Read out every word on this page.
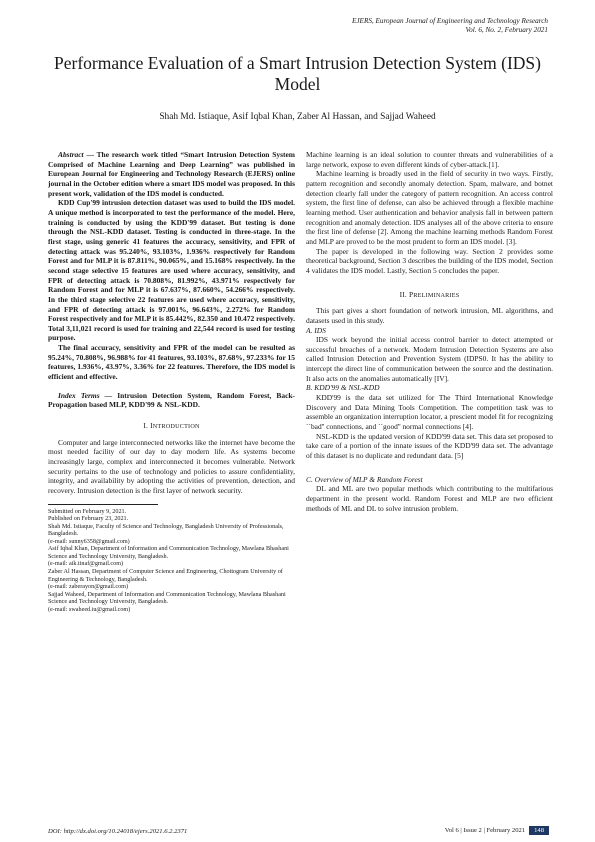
EJERS, European Journal of Engineering and Technology Research
Vol. 6, No. 2, February 2021
Performance Evaluation of a Smart Intrusion Detection System (IDS) Model
Shah Md. Istiaque, Asif Iqbal Khan, Zaber Al Hassan, and Sajjad Waheed

Abstract — The research work titled “Smart Intrusion Detection System Comprised of Machine Learning and Deep Learning” was published in European Journal for Engineering and Technology Research (EJERS) online journal in the October edition where a smart IDS model was proposed. In this present work, validation of the IDS model is conducted.

KDD Cup'99 intrusion detection dataset was used to build the IDS model. A unique method is incorporated to test the performance of the model. Here, training is conducted by using the KDD'99 dataset. But testing is done through the NSL-KDD dataset. Testing is conducted in three-stage. In the first stage, using generic 41 features the accuracy, sensitivity, and FPR of detecting attack was 95.240%, 93.103%, 1.936% respectively for Random Forest and for MLP it is 87.811%, 90.065%, and 15.168% respectively. In the second stage selective 15 features are used where accuracy, sensitivity, and FPR of detecting attack is 70.808%, 81.992%, 43.971% respectively for Random Forest and for MLP it is 67.637%, 87.660%, 54.266% respectively. In the third stage selective 22 features are used where accuracy, sensitivity, and FPR of detecting attack is 97.001%, 96.643%, 2.272% for Random Forest respectively and for MLP it is 85.442%, 82.350 and 10.472 respectively. Total 3,11,021 record is used for training and 22,544 record is used for testing purpose.

The final accuracy, sensitivity and FPR of the model can be resulted as 95.24%, 70.808%, 96.988% for 41 features, 93.103%, 87.68%, 97.233% for 15 features, 1.936%, 43.97%, 3.36% for 22 features. Therefore, the IDS model is efficient and effective.

Index Terms — Intrusion Detection System, Random Forest, Back- Propagation based MLP, KDD'99 & NSL-KDD.

I. INTRODUCTION

Computer and large interconnected networks like the internet have become the most needed facility of our day to day modern life. As systems become increasingly large, complex and interconnected it becomes vulnerable. Network security pertains to the use of technology and policies to assure confidentiality, integrity, and availability by adopting the activities of prevention, detection, and recovery. Intrusion detection is the first layer of network security.

Submitted on February 9, 2021.
Published on February 23, 2021.
Shah Md. Istiaque, Faculty of Science and Technology, Bangladesh University of Professionals, Bangladesh.
(e-mail: sunny6358@gmail.com)
Asif Iqbal Khan, Department of Information and Communication Technology, Mawlana Bhashani Science and Technology University, Bangladesh.
(e-mail: aik.tinaf@gmail.com)
Zaber Al Hassan, Department of Computer Science and Engineering, Chottogram University of Engineering & Technology, Bangladesh.
(e-mail: zaberayon@gmail.com)
Sajjad Waheed, Department of Information and Communication Technology, Mawlana Bhashani Science and Technology University, Bangladesh.
(e-mail: swaheed.iu@gmail.com)

Machine learning is an ideal solution to counter threats and vulnerabilities of a large network, expose to even different kinds of cyber-attack.[1].

Machine learning is broadly used in the field of security in two ways. Firstly, pattern recognition and secondly anomaly detection. Spam, malware, and botnet detection clearly fall under the category of pattern recognition. An access control system, the first line of defense, can also be achieved through a flexible machine learning method. User authentication and behavior analysis fall in between pattern recognition and anomaly detection. IDS analyses all of the above criteria to ensure the first line of defense [2]. Among the machine learning methods Random Forest and MLP are proved to be the most prudent to form an IDS model. [3].

The paper is developed in the following way. Section 2 provides some theoretical background, Section 3 describes the building of the IDS model, Section 4 validates the IDS model. Lastly, Section 5 concludes the paper.

II. PRELIMINARIES

This part gives a short foundation of network intrusion, ML algorithms, and datasets used in this study.

A. IDS

IDS work beyond the initial access control barrier to detect attempted or successful breaches of a network. Modern Intrusion Detection Systems are also called Intrusion Detection and Prevention System (IDPS0. It has the ability to intercept the direct line of communication between the source and the destination. It also acts on the anomalies automatically [IV].

B. KDD'99 & NSL-KDD

KDD'99 is the data set utilized for The Third International Knowledge Discovery and Data Mining Tools Competition. The competition task was to assemble an organization interruption locator, a prescient model fit for recognizing ``bad'' connections, and ``good'' normal connections [4].

NSL-KDD is the updated version of KDD'99 data set. This data set proposed to take care of a portion of the innate issues of the KDD'99 data set. The advantage of this dataset is no duplicate and redundant data. [5]

C. Overview of MLP & Random Forest

DL and ML are two popular methods which contributing to the multifarious department in the present world. Random Forest and MLP are two efficient methods of ML and DL to solve intrusion problem.

DOI: http://dx.doi.org/10.24018/ejers.2021.6.2.2371	Vol 6 | Issue 2 | February 2021	148
